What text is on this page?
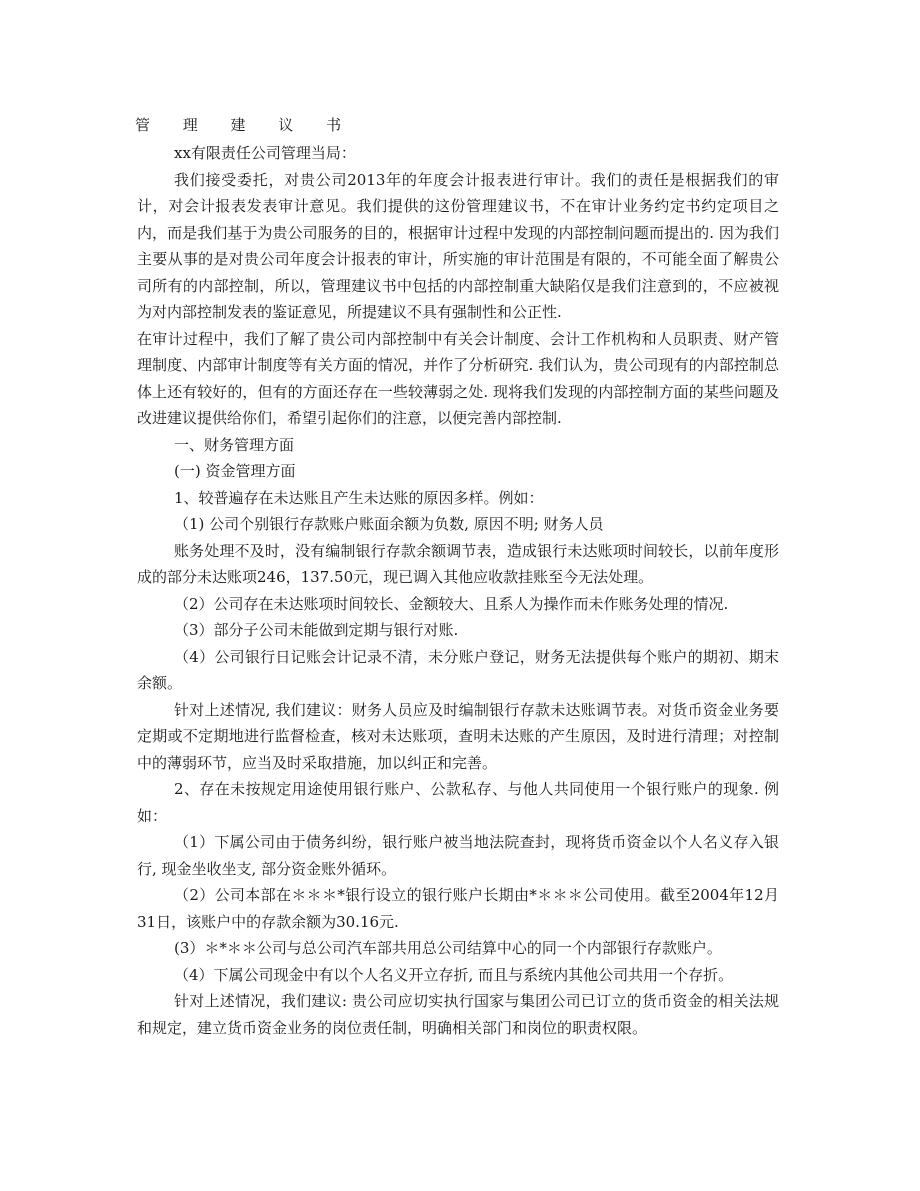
管 理 建 议 书

xx有限责任公司管理当局：

我们接受委托，对贵公司2013年的年度会计报表进行审计。我们的责任是根据我们的审计，对会计报表发表审计意见。我们提供的这份管理建议书，不在审计业务约定书约定项目之内，而是我们基于为贵公司服务的目的，根据审计过程中发现的内部控制问题而提出的. 因为我们主要从事的是对贵公司年度会计报表的审计，所实施的审计范围是有限的，不可能全面了解贵公司所有的内部控制，所以，管理建议书中包括的内部控制重大缺陷仅是我们注意到的，不应被视为对内部控制发表的鉴证意见，所提建议不具有强制性和公正性.

在审计过程中，我们了解了贵公司内部控制中有关会计制度、会计工作机构和人员职责、财产管理制度、内部审计制度等有关方面的情况，并作了分析研究. 我们认为，贵公司现有的内部控制总体上还有较好的，但有的方面还存在一些较薄弱之处. 现将我们发现的内部控制方面的某些问题及改进建议提供给你们，希望引起你们的注意，以便完善内部控制.

一、财务管理方面

(一) 资金管理方面

1、较普遍存在未达账且产生未达账的原因多样。例如：

（1) 公司个别银行存款账户账面余额为负数, 原因不明; 财务人员

账务处理不及时，没有编制银行存款余额调节表，造成银行未达账项时间较长，以前年度形成的部分未达账项246，137.50元，现已调入其他应收款挂账至今无法处理。

（2）公司存在未达账项时间较长、金额较大、且系人为操作而未作账务处理的情况.

（3）部分子公司未能做到定期与银行对账.

（4）公司银行日记账会计记录不清，未分账户登记，财务无法提供每个账户的期初、期末余额。

针对上述情况, 我们建议：财务人员应及时编制银行存款未达账调节表。对货币资金业务要定期或不定期地进行监督检查，核对未达账项，查明未达账的产生原因，及时进行清理；对控制中的薄弱环节，应当及时采取措施，加以纠正和完善。

2、存在未按规定用途使用银行账户、公款私存、与他人共同使用一个银行账户的现象. 例如：

（1）下属公司由于债务纠纷，银行账户被当地法院查封，现将货币资金以个人名义存入银行, 现金坐收坐支, 部分资金账外循环。

（2）公司本部在＊＊＊*银行设立的银行账户长期由*＊＊＊公司使用。截至2004年12月31日，该账户中的存款余额为30.16元.

(3）＊*＊＊公司与总公司汽车部共用总公司结算中心的同一个内部银行存款账户。

（4）下属公司现金中有以个人名义开立存折, 而且与系统内其他公司共用一个存折。

针对上述情况，我们建议: 贵公司应切实执行国家与集团公司已订立的货币资金的相关法规和规定，建立货币资金业务的岗位责任制，明确相关部门和岗位的职责权限。
